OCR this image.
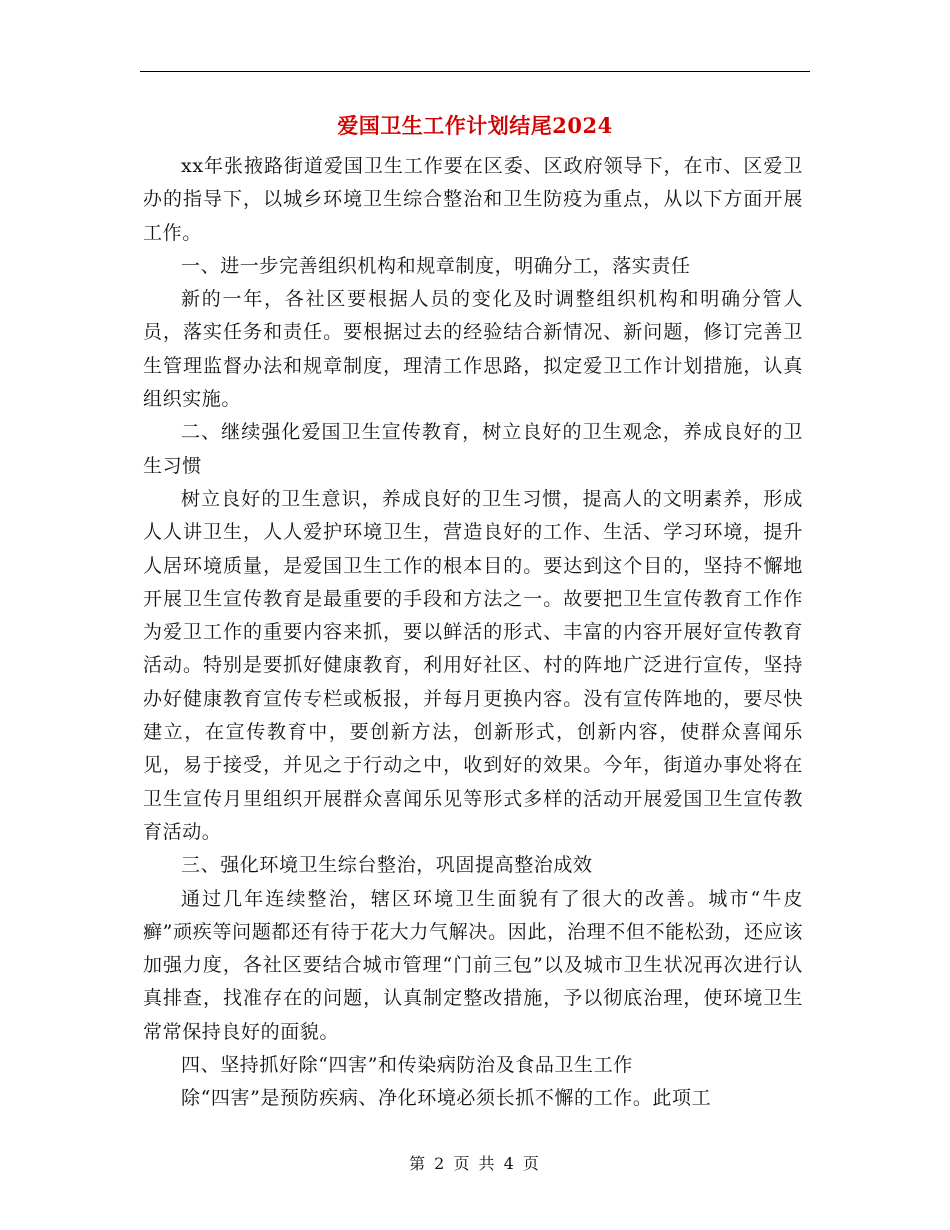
爱国卫生工作计划结尾2024

xx年张掖路街道爱国卫生工作要在区委、区政府领导下，在市、区爱卫办的指导下，以城乡环境卫生综合整治和卫生防疫为重点，从以下方面开展工作。

一、进一步完善组织机构和规章制度，明确分工，落实责任

新的一年，各社区要根据人员的变化及时调整组织机构和明确分管人员，落实任务和责任。要根据过去的经验结合新情况、新问题，修订完善卫生管理监督办法和规章制度，理清工作思路，拟定爱卫工作计划措施，认真组织实施。

二、继续强化爱国卫生宣传教育，树立良好的卫生观念，养成良好的卫生习惯

树立良好的卫生意识，养成良好的卫生习惯，提高人的文明素养，形成人人讲卫生，人人爱护环境卫生，营造良好的工作、生活、学习环境，提升人居环境质量，是爱国卫生工作的根本目的。要达到这个目的，坚持不懈地开展卫生宣传教育是最重要的手段和方法之一。故要把卫生宣传教育工作作为爱卫工作的重要内容来抓，要以鲜活的形式、丰富的内容开展好宣传教育活动。特别是要抓好健康教育，利用好社区、村的阵地广泛进行宣传，坚持办好健康教育宣传专栏或板报，并每月更换内容。没有宣传阵地的，要尽快建立，在宣传教育中，要创新方法，创新形式，创新内容，使群众喜闻乐见，易于接受，并见之于行动之中，收到好的效果。今年，街道办事处将在卫生宣传月里组织开展群众喜闻乐见等形式多样的活动开展爱国卫生宣传教育活动。

三、强化环境卫生综台整治，巩固提高整治成效

通过几年连续整治，辖区环境卫生面貌有了很大的改善。城市“牛皮癣”顽疾等问题都还有待于花大力气解决。因此，治理不但不能松劲，还应该加强力度，各社区要结合城市管理“门前三包”以及城市卫生状况再次进行认真排查，找准存在的问题，认真制定整改措施，予以彻底治理，使环境卫生常常保持良好的面貌。

四、坚持抓好除“四害”和传染病防治及食品卫生工作

除“四害”是预防疾病、净化环境必须长抓不懈的工作。此项工

第 2 页 共 4 页
